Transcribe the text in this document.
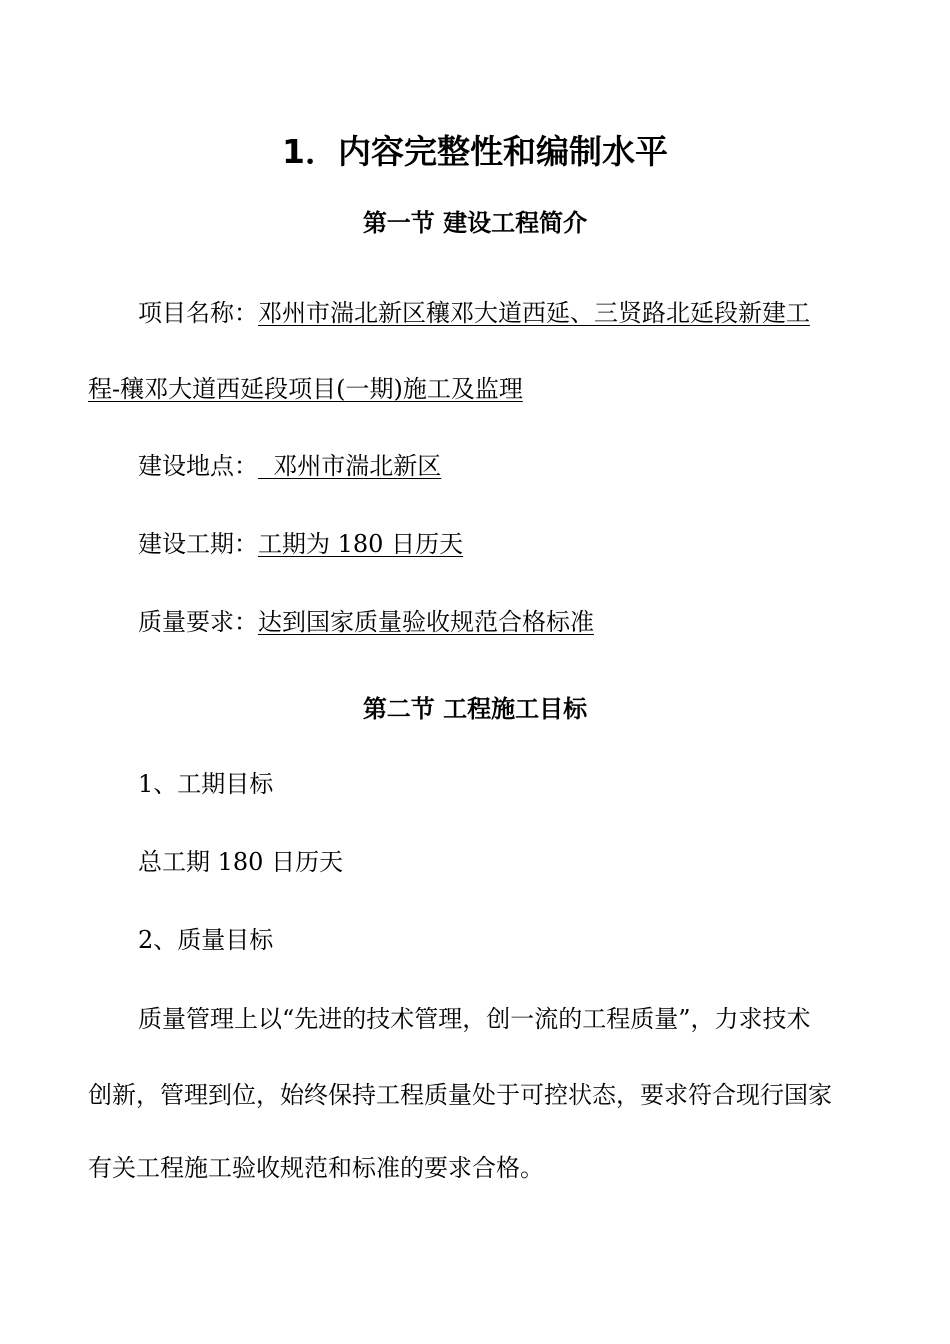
1．内容完整性和编制水平
第一节 建设工程简介
项目名称：邓州市湍北新区穰邓大道西延、三贤路北延段新建工
程-穰邓大道西延段项目(一期)施工及监理
建设地点：  邓州市湍北新区
建设工期：工期为 180 日历天
质量要求：达到国家质量验收规范合格标准
第二节 工程施工目标
1、工期目标
总工期 180 日历天
2、质量目标
质量管理上以“先进的技术管理，创一流的工程质量”，力求技术
创新，管理到位，始终保持工程质量处于可控状态，要求符合现行国家
有关工程施工验收规范和标准的要求合格。
